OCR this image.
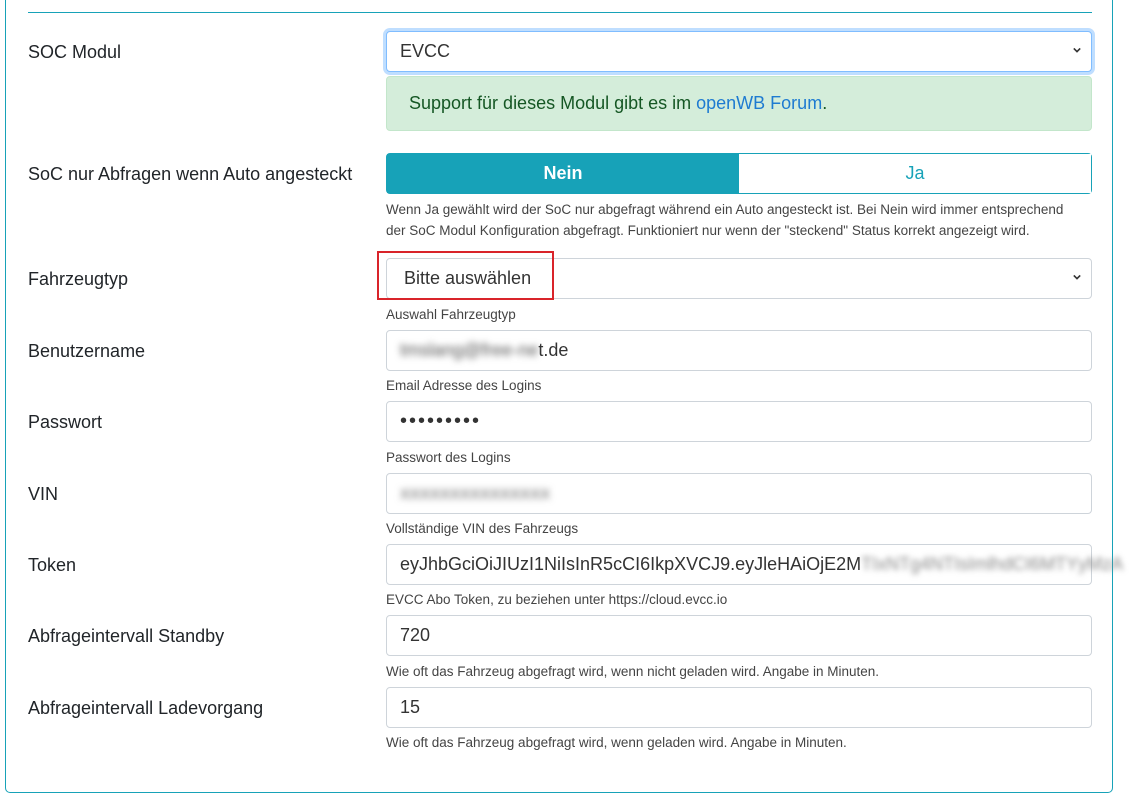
SOC Modul	EVCC
Support für dieses Modul gibt es im openWB Forum.
SoC nur Abfragen wenn Auto angesteckt	Nein	Ja
Wenn Ja gewählt wird der SoC nur abgefragt während ein Auto angesteckt ist. Bei Nein wird immer entsprechend
der SoC Modul Konfiguration abgefragt. Funktioniert nur wenn der "steckend" Status korrekt angezeigt wird.
Fahrzeugtyp	Bitte auswählen
Auswahl Fahrzeugtyp
Benutzername	tmslang@free-net.de
Email Adresse des Logins
Passwort	•••••••••
Passwort des Logins
VIN	XXXXXXXXXXXXXXX
Vollständige VIN des Fahrzeugs
Token	eyJhbGciOiJIUzI1NiIsInR5cCI6IkpXVCJ9.eyJleHAiOjE2MTIxNTg4NTIsImlhdCI6MTYyMzA
EVCC Abo Token, zu beziehen unter https://cloud.evcc.io
Abfrageintervall Standby	720
Wie oft das Fahrzeug abgefragt wird, wenn nicht geladen wird. Angabe in Minuten.
Abfrageintervall Ladevorgang	15
Wie oft das Fahrzeug abgefragt wird, wenn geladen wird. Angabe in Minuten.
